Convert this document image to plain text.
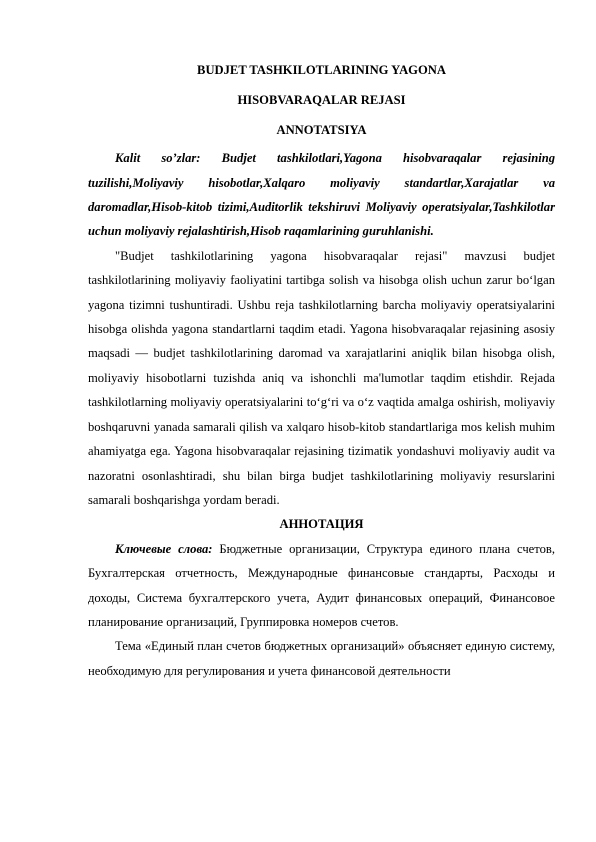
BUDJET TASHKILOTLARINING YAGONA

HISOBVARAQALAR REJASI

ANNOTATSIYA

Kalit so’zlar: Budjet tashkilotlari,Yagona hisobvaraqalar rejasining tuzilishi,Moliyaviy hisobotlar,Xalqaro moliyaviy standartlar,Xarajatlar va daromadlar,Hisob-kitob tizimi,Auditorlik tekshiruvi Moliyaviy operatsiyalar,Tashkilotlar uchun moliyaviy rejalashtirish,Hisob raqamlarining guruhlanishi.

"Budjet tashkilotlarining yagona hisobvaraqalar rejasi" mavzusi budjet tashkilotlarining moliyaviy faoliyatini tartibga solish va hisobga olish uchun zarur bo‘lgan yagona tizimni tushuntiradi. Ushbu reja tashkilotlarning barcha moliyaviy operatsiyalarini hisobga olishda yagona standartlarni taqdim etadi. Yagona hisobvaraqalar rejasining asosiy maqsadi — budjet tashkilotlarining daromad va xarajatlarini aniqlik bilan hisobga olish, moliyaviy hisobotlarni tuzishda aniq va ishonchli ma'lumotlar taqdim etishdir. Rejada tashkilotlarning moliyaviy operatsiyalarini to‘g‘ri va o‘z vaqtida amalga oshirish, moliyaviy boshqaruvni yanada samarali qilish va xalqaro hisob-kitob standartlariga mos kelish muhim ahamiyatga ega. Yagona hisobvaraqalar rejasining tizimatik yondashuvi moliyaviy audit va nazoratni osonlashtiradi, shu bilan birga budjet tashkilotlarining moliyaviy resurslarini samarali boshqarishga yordam beradi.

АННОТАЦИЯ

Ключевые слова: Бюджетные организации, Структура единого плана счетов, Бухгалтерская отчетность, Международные финансовые стандарты, Расходы и доходы, Система бухгалтерского учета, Аудит финансовых операций, Финансовое планирование организаций, Группировка номеров счетов.

Тема «Единый план счетов бюджетных организаций» объясняет единую систему, необходимую для регулирования и учета финансовой деятельности
